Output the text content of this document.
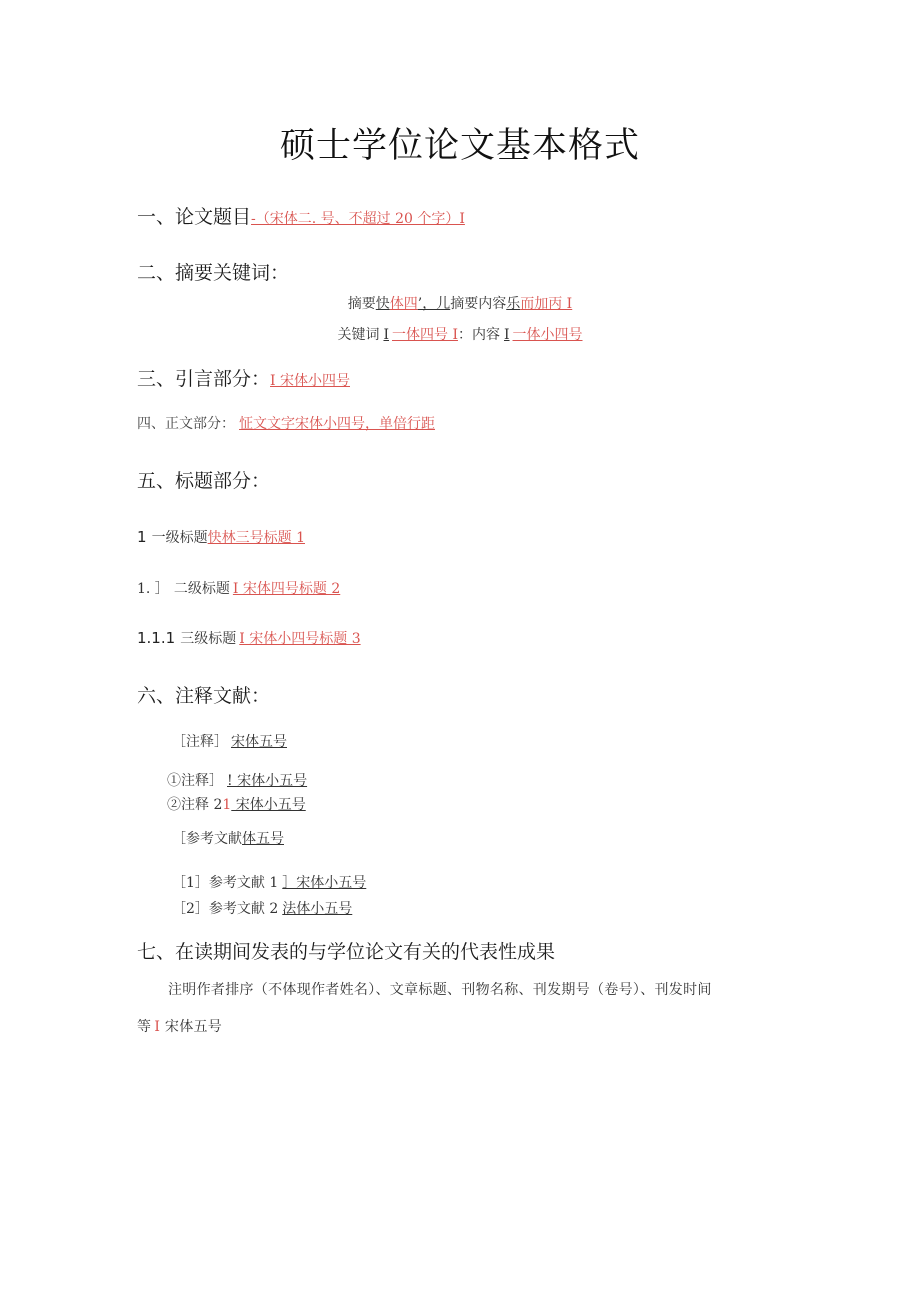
硕士学位论文基本格式
一、论文题目-（宋体二. 号、不超过 20 个字）I
二、摘要关键词：
摘要快体四’，儿摘要内容乐而加丙 I
关键词 I 一体四号 I：内容 I 一体小四号
三、引言部分：I 宋体小四号
四、正文部分： 怔文文字宋体小四号，单倍行距
五、标题部分：
1 一级标题快林三号标题 1
1. ］ 二级标题 I 宋体四号标题 2
1.1.1 三级标题 I 宋体小四号标题 3
六、注释文献：
［注释］ 宋体五号
①注释］ ! 宋体小五号
②注释 21 宋体小五号
［参考文献体五号
［1］参考文献 1 ］宋体小五号
［2］参考文献 2 法体小五号
七、在读期间发表的与学位论文有关的代表性成果
注明作者排序（不体现作者姓名）、文章标题、刊物名称、刊发期号（卷号）、刊发时间
等 I 宋体五号
